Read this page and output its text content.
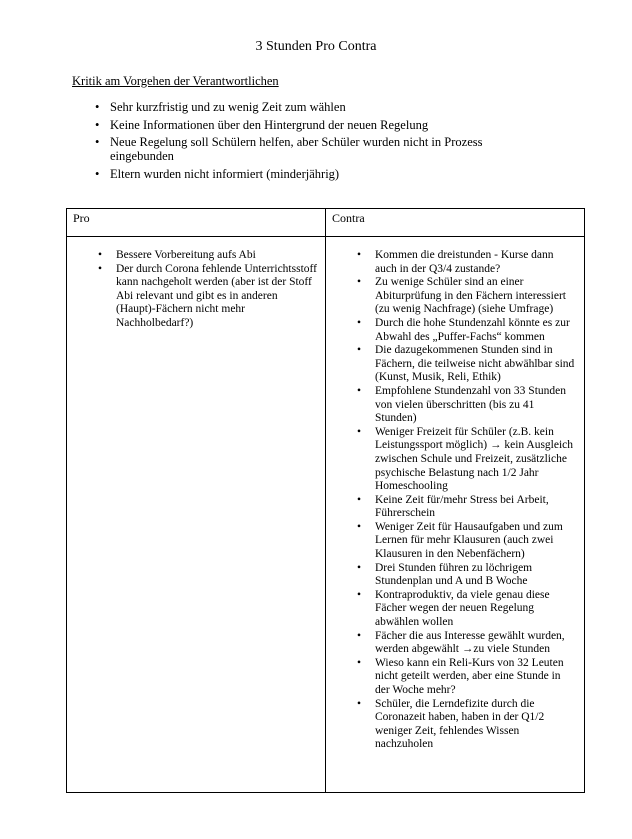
3 Stunden Pro Contra
Kritik am Vorgehen der Verantwortlichen
• Sehr kurzfristig und zu wenig Zeit zum wählen
• Keine Informationen über den Hintergrund der neuen Regelung
• Neue Regelung soll Schülern helfen, aber Schüler wurden nicht in Prozess eingebunden
• Eltern wurden nicht informiert (minderjährig)
Pro	Contra

• Bessere Vorbereitung aufs Abi
• Der durch Corona fehlende Unterrichtsstoff kann nachgeholt werden (aber ist der Stoff Abi relevant und gibt es in anderen (Haupt)-Fächern nicht mehr Nachholbedarf?)

• Kommen die dreistunden - Kurse dann auch in der Q3/4 zustande?
• Zu wenige Schüler sind an einer Abiturprüfung in den Fächern interessiert (zu wenig Nachfrage) (siehe Umfrage)
• Durch die hohe Stundenzahl könnte es zur Abwahl des „Puffer-Fachs“ kommen
• Die dazugekommenen Stunden sind in Fächern, die teilweise nicht abwählbar sind (Kunst, Musik, Reli, Ethik)
• Empfohlene Stundenzahl von 33 Stunden von vielen überschritten (bis zu 41 Stunden)
• Weniger Freizeit für Schüler (z.B. kein Leistungssport möglich) → kein Ausgleich zwischen Schule und Freizeit, zusätzliche psychische Belastung nach 1/2 Jahr Homeschooling
• Keine Zeit für/mehr Stress bei Arbeit, Führerschein
• Weniger Zeit für Hausaufgaben und zum Lernen für mehr Klausuren (auch zwei Klausuren in den Nebenfächern)
• Drei Stunden führen zu löchrigem Stundenplan und A und B Woche
• Kontraproduktiv, da viele genau diese Fächer wegen der neuen Regelung abwählen wollen
• Fächer die aus Interesse gewählt wurden, werden abgewählt →zu viele Stunden
• Wieso kann ein Reli-Kurs von 32 Leuten nicht geteilt werden, aber eine Stunde in der Woche mehr?
• Schüler, die Lerndefizite durch die Coronazeit haben, haben in der Q1/2 weniger Zeit, fehlendes Wissen nachzuholen
